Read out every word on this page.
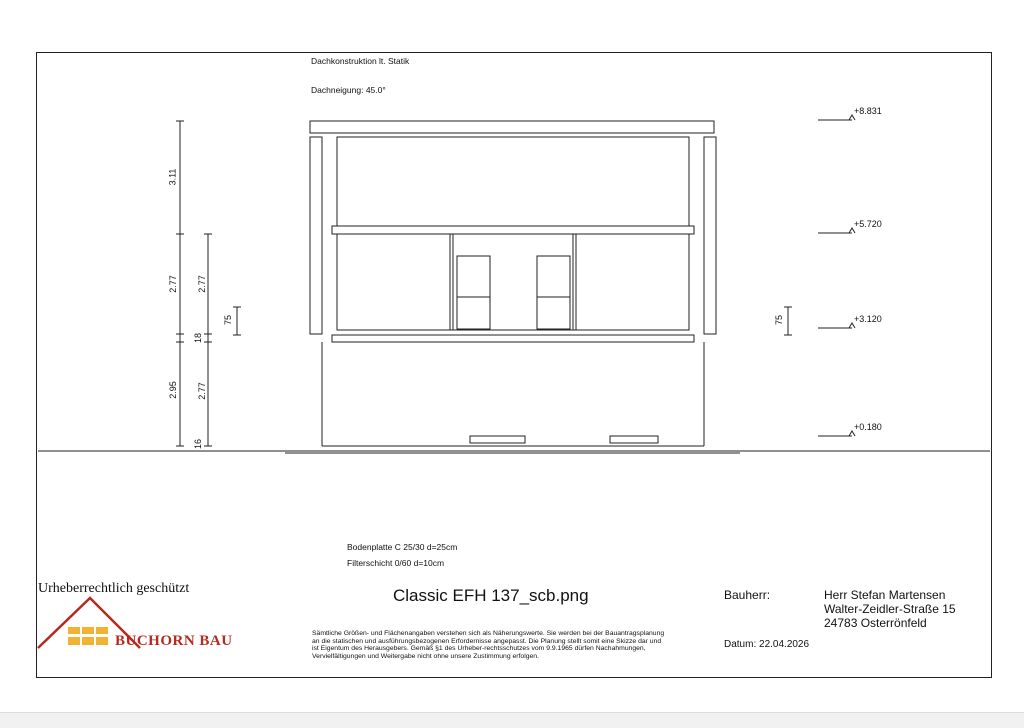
Dachkonstruktion lt. Statik
Dachneigung: 45.0°
+8.831
+5.720
+3.120
+0.180
3.11
2.77
18
2.95
16
2.77
2.77
75	75
Bodenplatte C 25/30 d=25cm
Filterschicht 0/60 d=10cm
Urheberrechtlich geschützt
BUCHORN BAU
Classic EFH 137_scb.png
Sämtliche Größen- und Flächenangaben verstehen sich als Näherungswerte. Sie werden bei der Bauantragsplanung
an die statischen und ausführungsbezogenen Erfordernisse angepasst. Die Planung stellt somit eine Skizze dar und
ist Eigentum des Herausgebers. Gemäß §1 des Urheber-rechtsschutzes vom 9.9.1965 dürfen Nachahmungen,
Vervielfältigungen und Weitergabe nicht ohne unsere Zustimmung erfolgen.
Bauherr:	Herr Stefan Martensen
Walter-Zeidler-Straße 15
24783 Osterrönfeld
Datum: 22.04.2026
